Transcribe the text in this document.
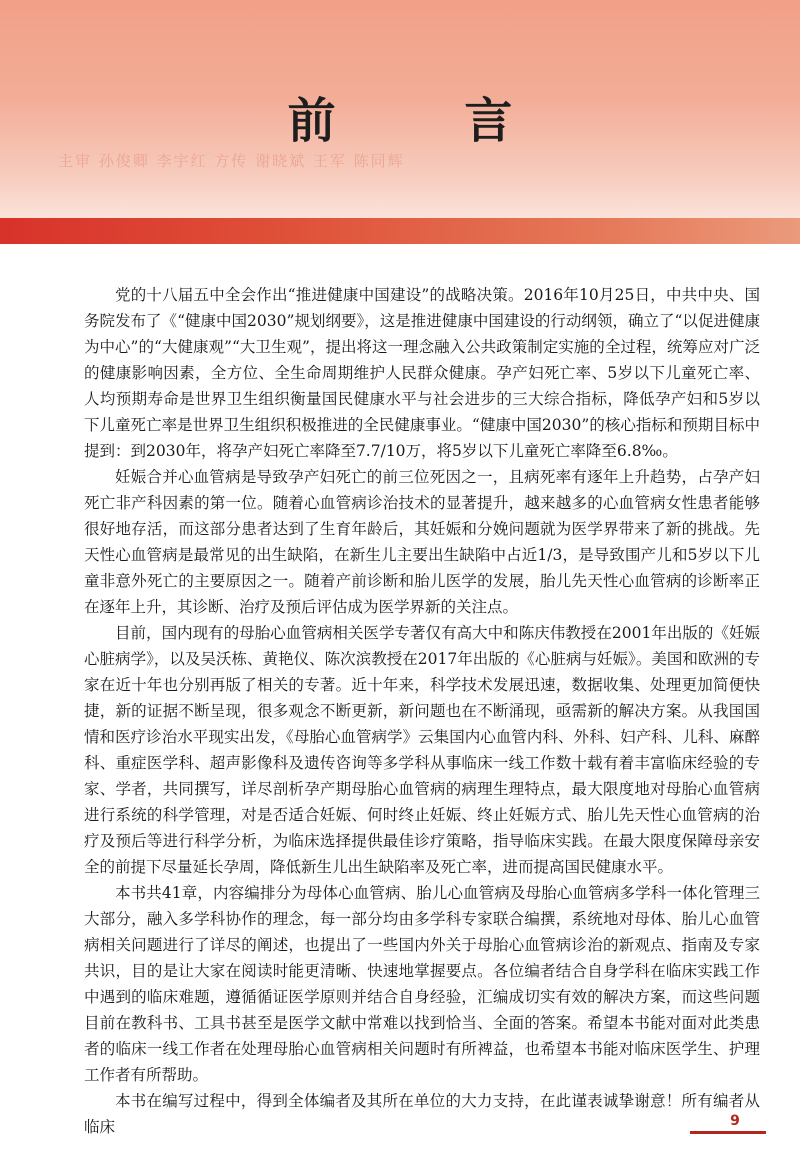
主审 孙俊卿 李宇红 方传 谢晓斌 王军 陈同辉
前 言

党的十八届五中全会作出“推进健康中国建设”的战略决策。2016年10月25日，中共中央、国务院发布了《“健康中国2030”规划纲要》，这是推进健康中国建设的行动纲领，确立了“以促进健康为中心”的“大健康观”“大卫生观”，提出将这一理念融入公共政策制定实施的全过程，统筹应对广泛的健康影响因素，全方位、全生命周期维护人民群众健康。孕产妇死亡率、5岁以下儿童死亡率、人均预期寿命是世界卫生组织衡量国民健康水平与社会进步的三大综合指标，降低孕产妇和5岁以下儿童死亡率是世界卫生组织积极推进的全民健康事业。“健康中国2030”的核心指标和预期目标中提到：到2030年，将孕产妇死亡率降至7.7/10万，将5岁以下儿童死亡率降至6.8‰。

妊娠合并心血管病是导致孕产妇死亡的前三位死因之一，且病死率有逐年上升趋势，占孕产妇死亡非产科因素的第一位。随着心血管病诊治技术的显著提升，越来越多的心血管病女性患者能够很好地存活，而这部分患者达到了生育年龄后，其妊娠和分娩问题就为医学界带来了新的挑战。先天性心血管病是最常见的出生缺陷，在新生儿主要出生缺陷中占近1/3，是导致围产儿和5岁以下儿童非意外死亡的主要原因之一。随着产前诊断和胎儿医学的发展，胎儿先天性心血管病的诊断率正在逐年上升，其诊断、治疗及预后评估成为医学界新的关注点。

目前，国内现有的母胎心血管病相关医学专著仅有高大中和陈庆伟教授在2001年出版的《妊娠心脏病学》，以及吴沃栋、黄艳仪、陈次滨教授在2017年出版的《心脏病与妊娠》。美国和欧洲的专家在近十年也分别再版了相关的专著。近十年来，科学技术发展迅速，数据收集、处理更加简便快捷，新的证据不断呈现，很多观念不断更新，新问题也在不断涌现，亟需新的解决方案。从我国国情和医疗诊治水平现实出发，《母胎心血管病学》云集国内心血管内科、外科、妇产科、儿科、麻醉科、重症医学科、超声影像科及遗传咨询等多学科从事临床一线工作数十载有着丰富临床经验的专家、学者，共同撰写，详尽剖析孕产期母胎心血管病的病理生理特点，最大限度地对母胎心血管病进行系统的科学管理，对是否适合妊娠、何时终止妊娠、终止妊娠方式、胎儿先天性心血管病的治疗及预后等进行科学分析，为临床选择提供最佳诊疗策略，指导临床实践。在最大限度保障母亲安全的前提下尽量延长孕周，降低新生儿出生缺陷率及死亡率，进而提高国民健康水平。

本书共41章，内容编排分为母体心血管病、胎儿心血管病及母胎心血管病多学科一体化管理三大部分，融入多学科协作的理念，每一部分均由多学科专家联合编撰，系统地对母体、胎儿心血管病相关问题进行了详尽的阐述，也提出了一些国内外关于母胎心血管病诊治的新观点、指南及专家共识，目的是让大家在阅读时能更清晰、快速地掌握要点。各位编者结合自身学科在临床实践工作中遇到的临床难题，遵循循证医学原则并结合自身经验，汇编成切实有效的解决方案，而这些问题目前在教科书、工具书甚至是医学文献中常难以找到恰当、全面的答案。希望本书能对面对此类患者的临床一线工作者在处理母胎心血管病相关问题时有所裨益，也希望本书能对临床医学生、护理工作者有所帮助。

本书在编写过程中，得到全体编者及其所在单位的大力支持，在此谨表诚挚谢意！所有编者从临床	9
